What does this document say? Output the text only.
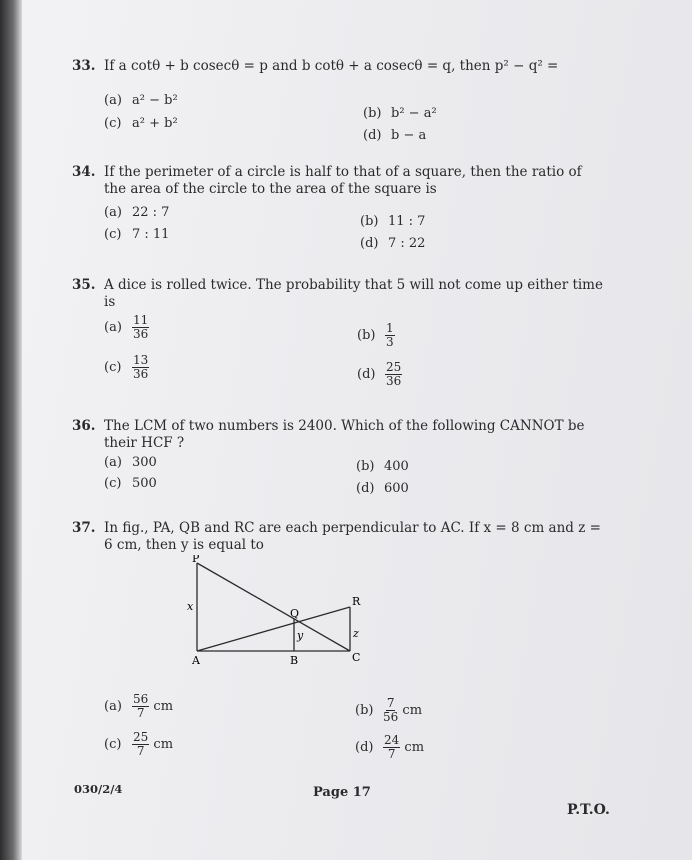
33. If a cotθ + b cosecθ = p and b cotθ + a cosecθ = q, then p² − q² =
(a) a² − b²
(c) a² + b²
(b) b² − a²
(d) b − a
34. If the perimeter of a circle is half to that of a square, then the ratio of the area of the circle to the area of the square is
(a) 22 : 7
(c) 7 : 11
(b) 11 : 7
(d) 7 : 22
35. A dice is rolled twice. The probability that 5 will not come up either time is
$(a) \frac{11}{36}$
$(c) \frac{13}{36}$
$(b) \frac{1}{3}$
$(d) \frac{25}{36}$
36. The LCM of two numbers is 2400. Which of the following CANNOT be their HCF ?
(a) 300
(c) 500
(b) 400
(d) 600
37. In fig., PA, QB and RC are each perpendicular to AC. If x = 8 cm and z = 6 cm, then y is equal to
P
Q
R
A	B	C
x
y	z
$(a) \frac{56}{7}$ cm
$(c) \frac{25}{7}$ cm
$(b) \frac{7}{56}$ cm
$(d) \frac{24}{7}$ cm
030/2/4	Page 17
P.T.O.
